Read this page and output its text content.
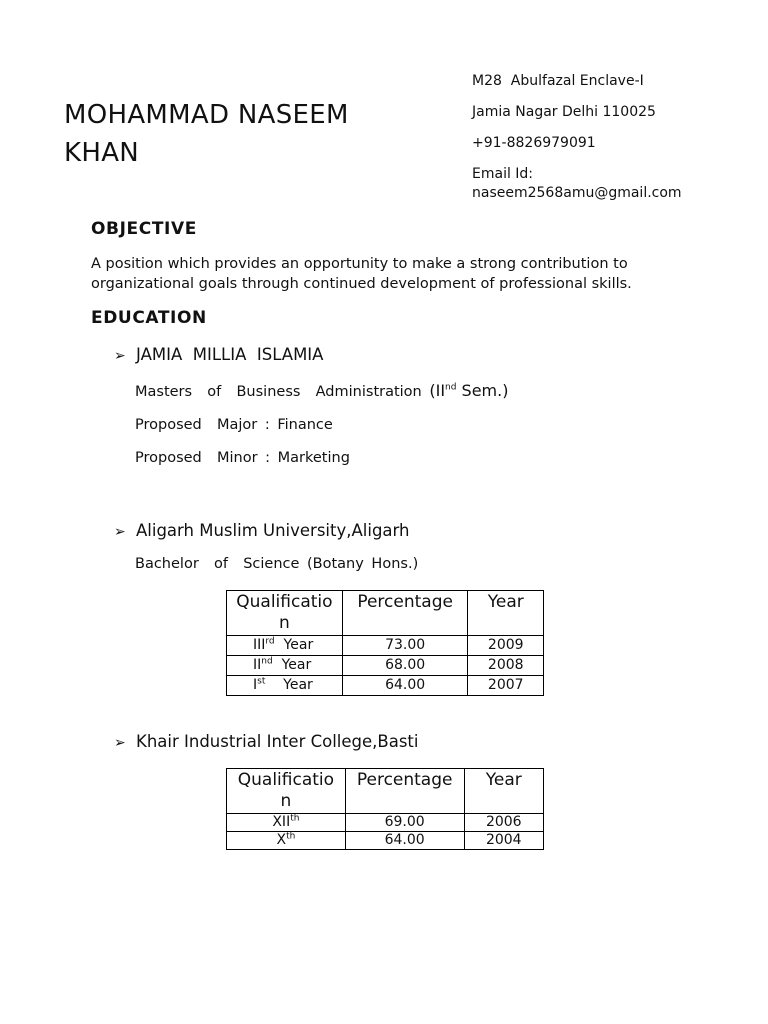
MOHAMMAD NASEEM
KHAN
M28  Abulfazal Enclave-I
Jamia Nagar Delhi 110025
+91-8826979091
Email Id:
naseem2568amu@gmail.com
OBJECTIVE
A position which provides an opportunity to make a strong contribution to organizational goals through continued development of professional skills.
EDUCATION
➢ JAMIA  MILLIA  ISLAMIA
Masters  of  Business  Administration (IInd Sem.)
Proposed  Major : Finance
Proposed  Minor : Marketing
➢ Aligarh Muslim University,Aligarh
Bachelor  of  Science (Botany Hons.)
Qualificatio n	Percentage	Year
IIIrd  Year	73.00	2009
IInd  Year	68.00	2008
Ist    Year	64.00	2007
➢ Khair Industrial Inter College,Basti
Qualificatio n	Percentage	Year
XIIth	69.00	2006
Xth	64.00	2004
